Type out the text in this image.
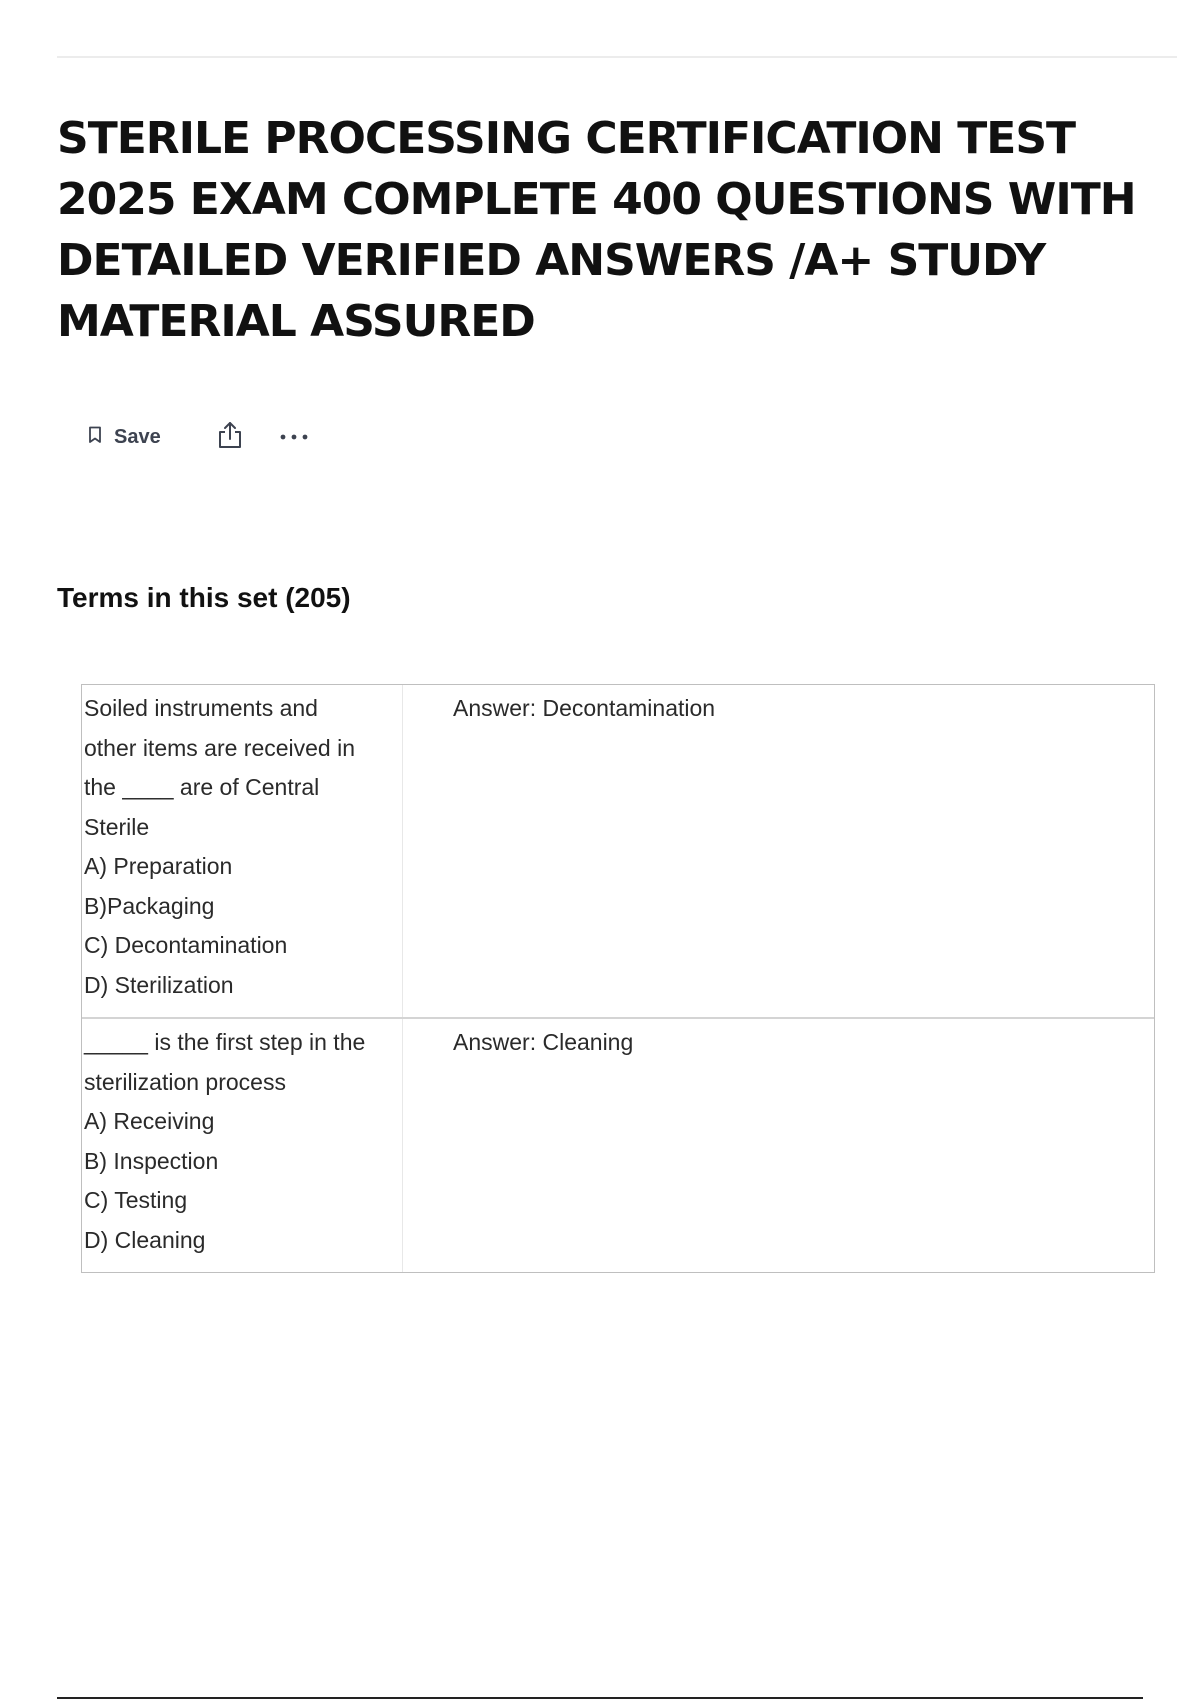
STERILE PROCESSING CERTIFICATION TEST 2025 EXAM COMPLETE 400 QUESTIONS WITH DETAILED VERIFIED ANSWERS /A+ STUDY MATERIAL ASSURED
Save
Terms in this set (205)
Soiled instruments and
other items are received in
the ____ are of Central
Sterile
A) Preparation
B)Packaging
C) Decontamination
D) Sterilization
Answer: Decontamination
_____ is the first step in the
sterilization process
A) Receiving
B) Inspection
C) Testing
D) Cleaning
Answer: Cleaning
